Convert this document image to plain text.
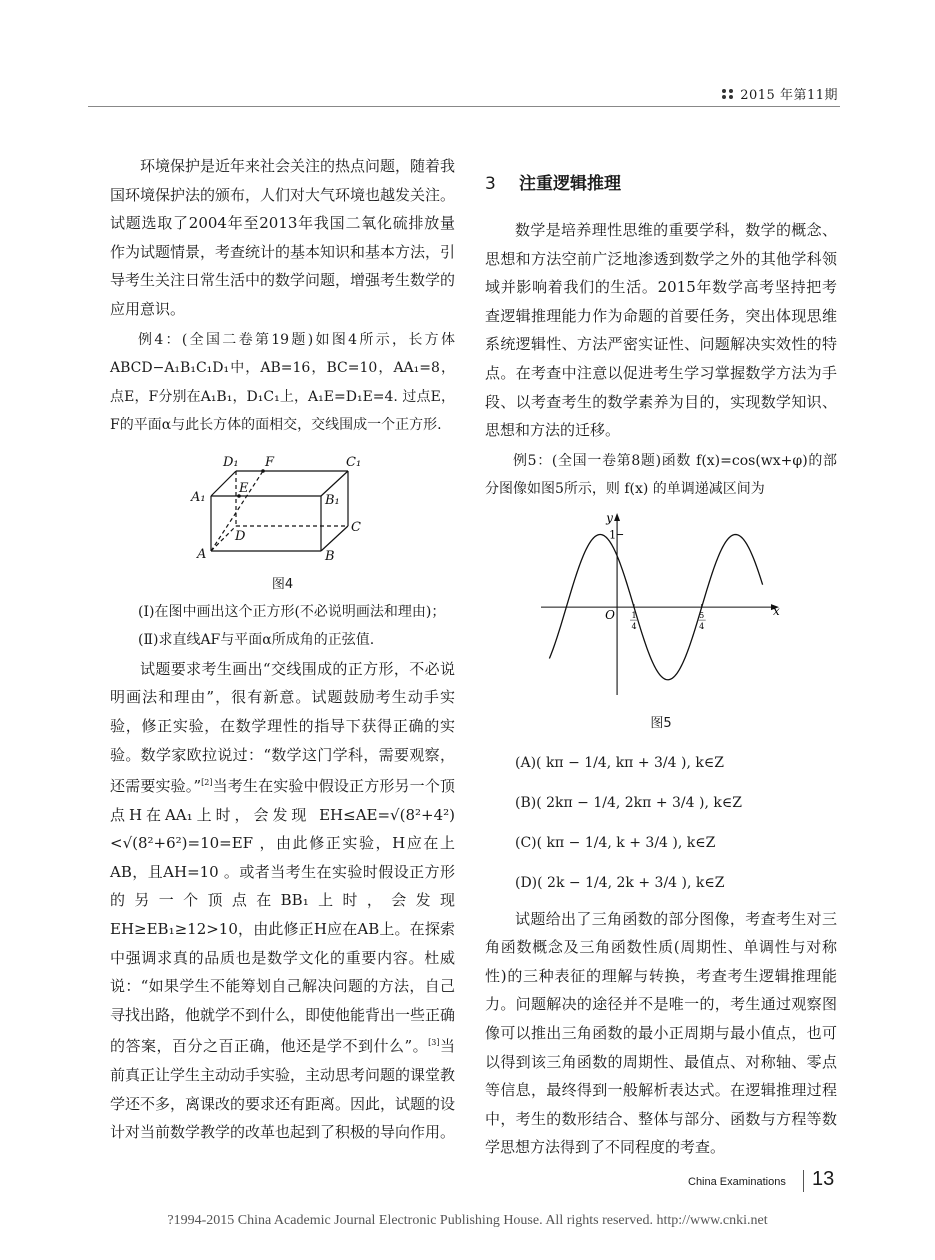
2015 年第11期

环境保护是近年来社会关注的热点问题，随着我国环境保护法的颁布，人们对大气环境也越发关注。试题选取了2004年至2013年我国二氧化硫排放量作为试题情景，考查统计的基本知识和基本方法，引导考生关注日常生活中的数学问题，增强考生数学的应用意识。

例4：(全国二卷第19题)如图4所示，长方体ABCD−A₁B₁C₁D₁中，AB=16，BC=10，AA₁=8，点E，F分别在A₁B₁，D₁C₁上，A₁E=D₁E=4. 过点E，F的平面α与此长方体的面相交，交线围成一个正方形.

D₁ F	C₁
E
A₁	B₁
C
D
A	B
图4

(Ⅰ)在图中画出这个正方形(不必说明画法和理由)；

(Ⅱ)求直线AF与平面α所成角的正弦值.

试题要求考生画出“交线围成的正方形，不必说明画法和理由”，很有新意。试题鼓励考生动手实验，修正实验，在数学理性的指导下获得正确的实验。数学家欧拉说过：“数学这门学科，需要观察，还需要实验。”[2]当考生在实验中假设正方形另一个顶点H在AA₁上时，会发现 EH≤AE=√(8²+4²)<√(8²+6²)=10=EF ，由此修正实验，H应在上AB，且AH=10 。或者当考生在实验时假设正方形的另一个顶点在BB₁上时，会发现 EH≥EB₁≥12>10，由此修正H应在AB上。在探索中强调求真的品质也是数学文化的重要内容。杜威说：“如果学生不能筹划自己解决问题的方法，自己寻找出路，他就学不到什么，即使他能背出一些正确的答案，百分之百正确，他还是学不到什么”。[3]当前真正让学生主动动手实验，主动思考问题的课堂教学还不多，离课改的要求还有距离。因此，试题的设计对当前数学教学的改革也起到了积极的导向作用。

3 注重逻辑推理

数学是培养理性思维的重要学科，数学的概念、思想和方法空前广泛地渗透到数学之外的其他学科领域并影响着我们的生活。2015年数学高考坚持把考查逻辑推理能力作为命题的首要任务，突出体现思维系统逻辑性、方法严密实证性、问题解决实效性的特点。在考查中注意以促进考生学习掌握数学方法为手段、以考查考生的数学素养为目的，实现数学知识、思想和方法的迁移。

例5：(全国一卷第8题)函数 f(x)=cos(wx+φ)的部分图像如图5所示，则 f(x) 的单调递减区间为

1
4
5
4
1
x
y
O
图5
(A)( kπ − 1/4, kπ + 3/4 ), k∈Z
(B)( 2kπ − 1/4, 2kπ + 3/4 ), k∈Z
(C)( kπ − 1/4, k + 3/4 ), k∈Z
(D)( 2k − 1/4, 2k + 3/4 ), k∈Z

试题给出了三角函数的部分图像，考查考生对三角函数概念及三角函数性质(周期性、单调性与对称性)的三种表征的理解与转换，考查考生逻辑推理能力。问题解决的途径并不是唯一的，考生通过观察图像可以推出三角函数的最小正周期与最小值点，也可以得到该三角函数的周期性、最值点、对称轴、零点等信息，最终得到一般解析表达式。在逻辑推理过程中，考生的数形结合、整体与部分、函数与方程等数学思想方法得到了不同程度的考查。

China Examinations 13
?1994-2015 China Academic Journal Electronic Publishing House. All rights reserved. http://www.cnki.net
